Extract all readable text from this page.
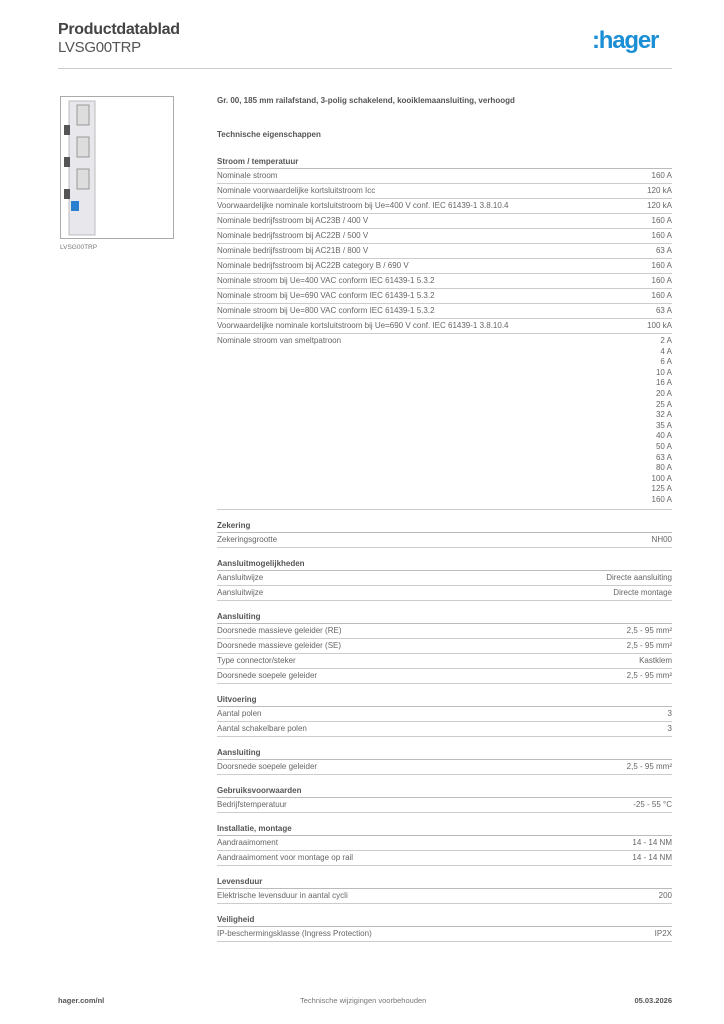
Productdatablad
LVSG00TRP	:hager
LVSG00TRP
Gr. 00, 185 mm railafstand, 3-polig schakelend, kooiklemaansluiting, verhoogd
Technische eigenschappen
Stroom / temperatuur
Nominale stroom	160 A
Nominale voorwaardelijke kortsluitstroom Icc	120 kA
Voorwaardelijke nominale kortsluitstroom bij Ue=400 V conf. IEC 61439-1 3.8.10.4	120 kA
Nominale bedrijfsstroom bij AC23B / 400 V	160 A
Nominale bedrijfsstroom bij AC22B / 500 V	160 A
Nominale bedrijfsstroom bij AC21B / 800 V	63 A
Nominale bedrijfsstroom bij AC22B category B / 690 V	160 A
Nominale stroom bij Ue=400 VAC conform IEC 61439-1 5.3.2	160 A
Nominale stroom bij Ue=690 VAC conform IEC 61439-1 5.3.2	160 A
Nominale stroom bij Ue=800 VAC conform IEC 61439-1 5.3.2	63 A
Voorwaardelijke nominale kortsluitstroom bij Ue=690 V conf. IEC 61439-1 3.8.10.4	100 kA
Nominale stroom van smeltpatroon	2 A
4 A
6 A
10 A
16 A
20 A
25 A
32 A
35 A
40 A
50 A
63 A
80 A
100 A
125 A
160 A
Zekering
Zekeringsgrootte	NH00
Aansluitmogelijkheden
Aansluitwijze	Directe aansluiting
Aansluitwijze	Directe montage
Aansluiting
Doorsnede massieve geleider (RE)	2,5 - 95 mm²
Doorsnede massieve geleider (SE)	2,5 - 95 mm²
Type connector/steker	Kastklem
Doorsnede soepele geleider	2,5 - 95 mm²
Uitvoering
Aantal polen	3
Aantal schakelbare polen	3
Aansluiting
Doorsnede soepele geleider	2,5 - 95 mm²
Gebruiksvoorwaarden
Bedrijfstemperatuur	-25 - 55 °C
Installatie, montage
Aandraaimoment	14 - 14 NM
Aandraaimoment voor montage op rail	14 - 14 NM
Levensduur
Elektrische levensduur in aantal cycli	200
Veiligheid
IP-beschermingsklasse (Ingress Protection)	IP2X
hager.com/nl	Technische wijzigingen voorbehouden	05.03.2026
